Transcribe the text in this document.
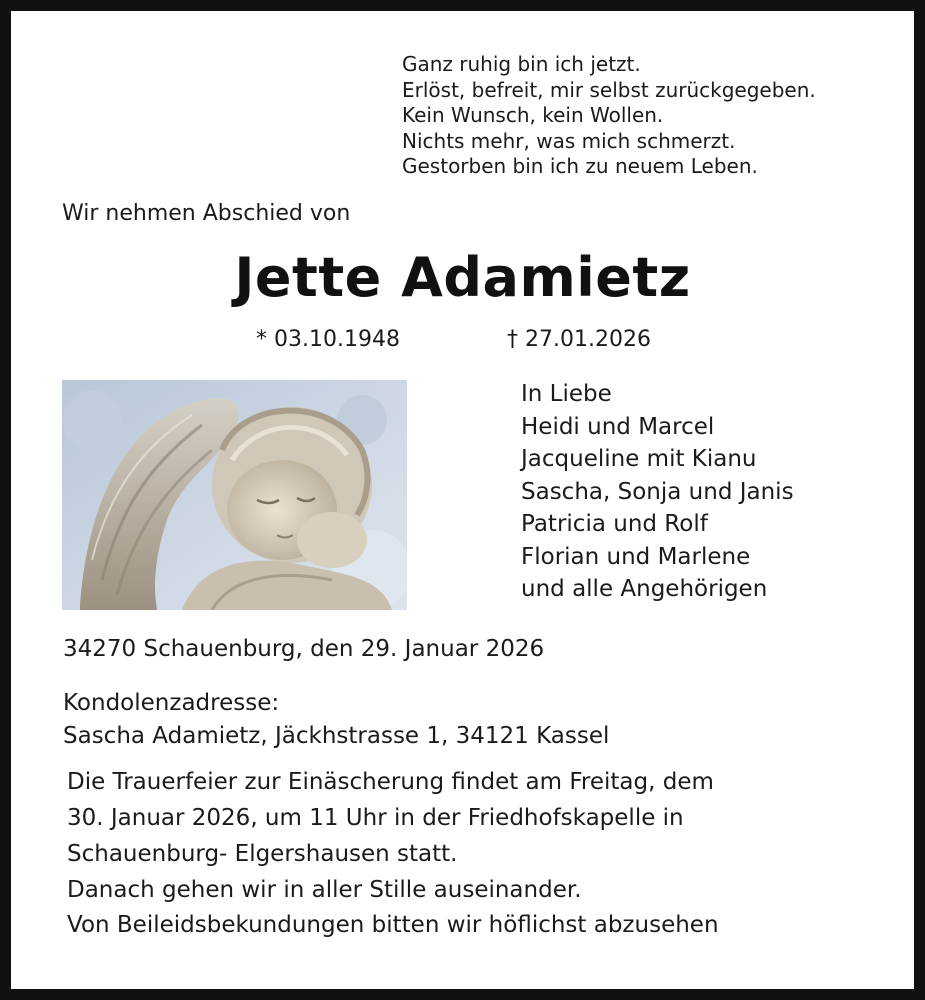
Ganz ruhig bin ich jetzt.
Erlöst, befreit, mir selbst zurückgegeben.
Kein Wunsch, kein Wollen.
Nichts mehr, was mich schmerzt.
Gestorben bin ich zu neuem Leben.
Wir nehmen Abschied von
Jette Adamietz
* 03.10.1948	† 27.01.2026
In Liebe
Heidi und Marcel
Jacqueline mit Kianu
Sascha, Sonja und Janis
Patricia und Rolf
Florian und Marlene
und alle Angehörigen
34270 Schauenburg, den 29. Januar 2026
Kondolenzadresse:
Sascha Adamietz, Jäckhstrasse 1, 34121 Kassel
Die Trauerfeier zur Einäscherung findet am Freitag, dem
30. Januar 2026, um 11 Uhr in der Friedhofskapelle in
Schauenburg- Elgershausen statt.
Danach gehen wir in aller Stille auseinander.
Von Beileidsbekundungen bitten wir höflichst abzusehen
